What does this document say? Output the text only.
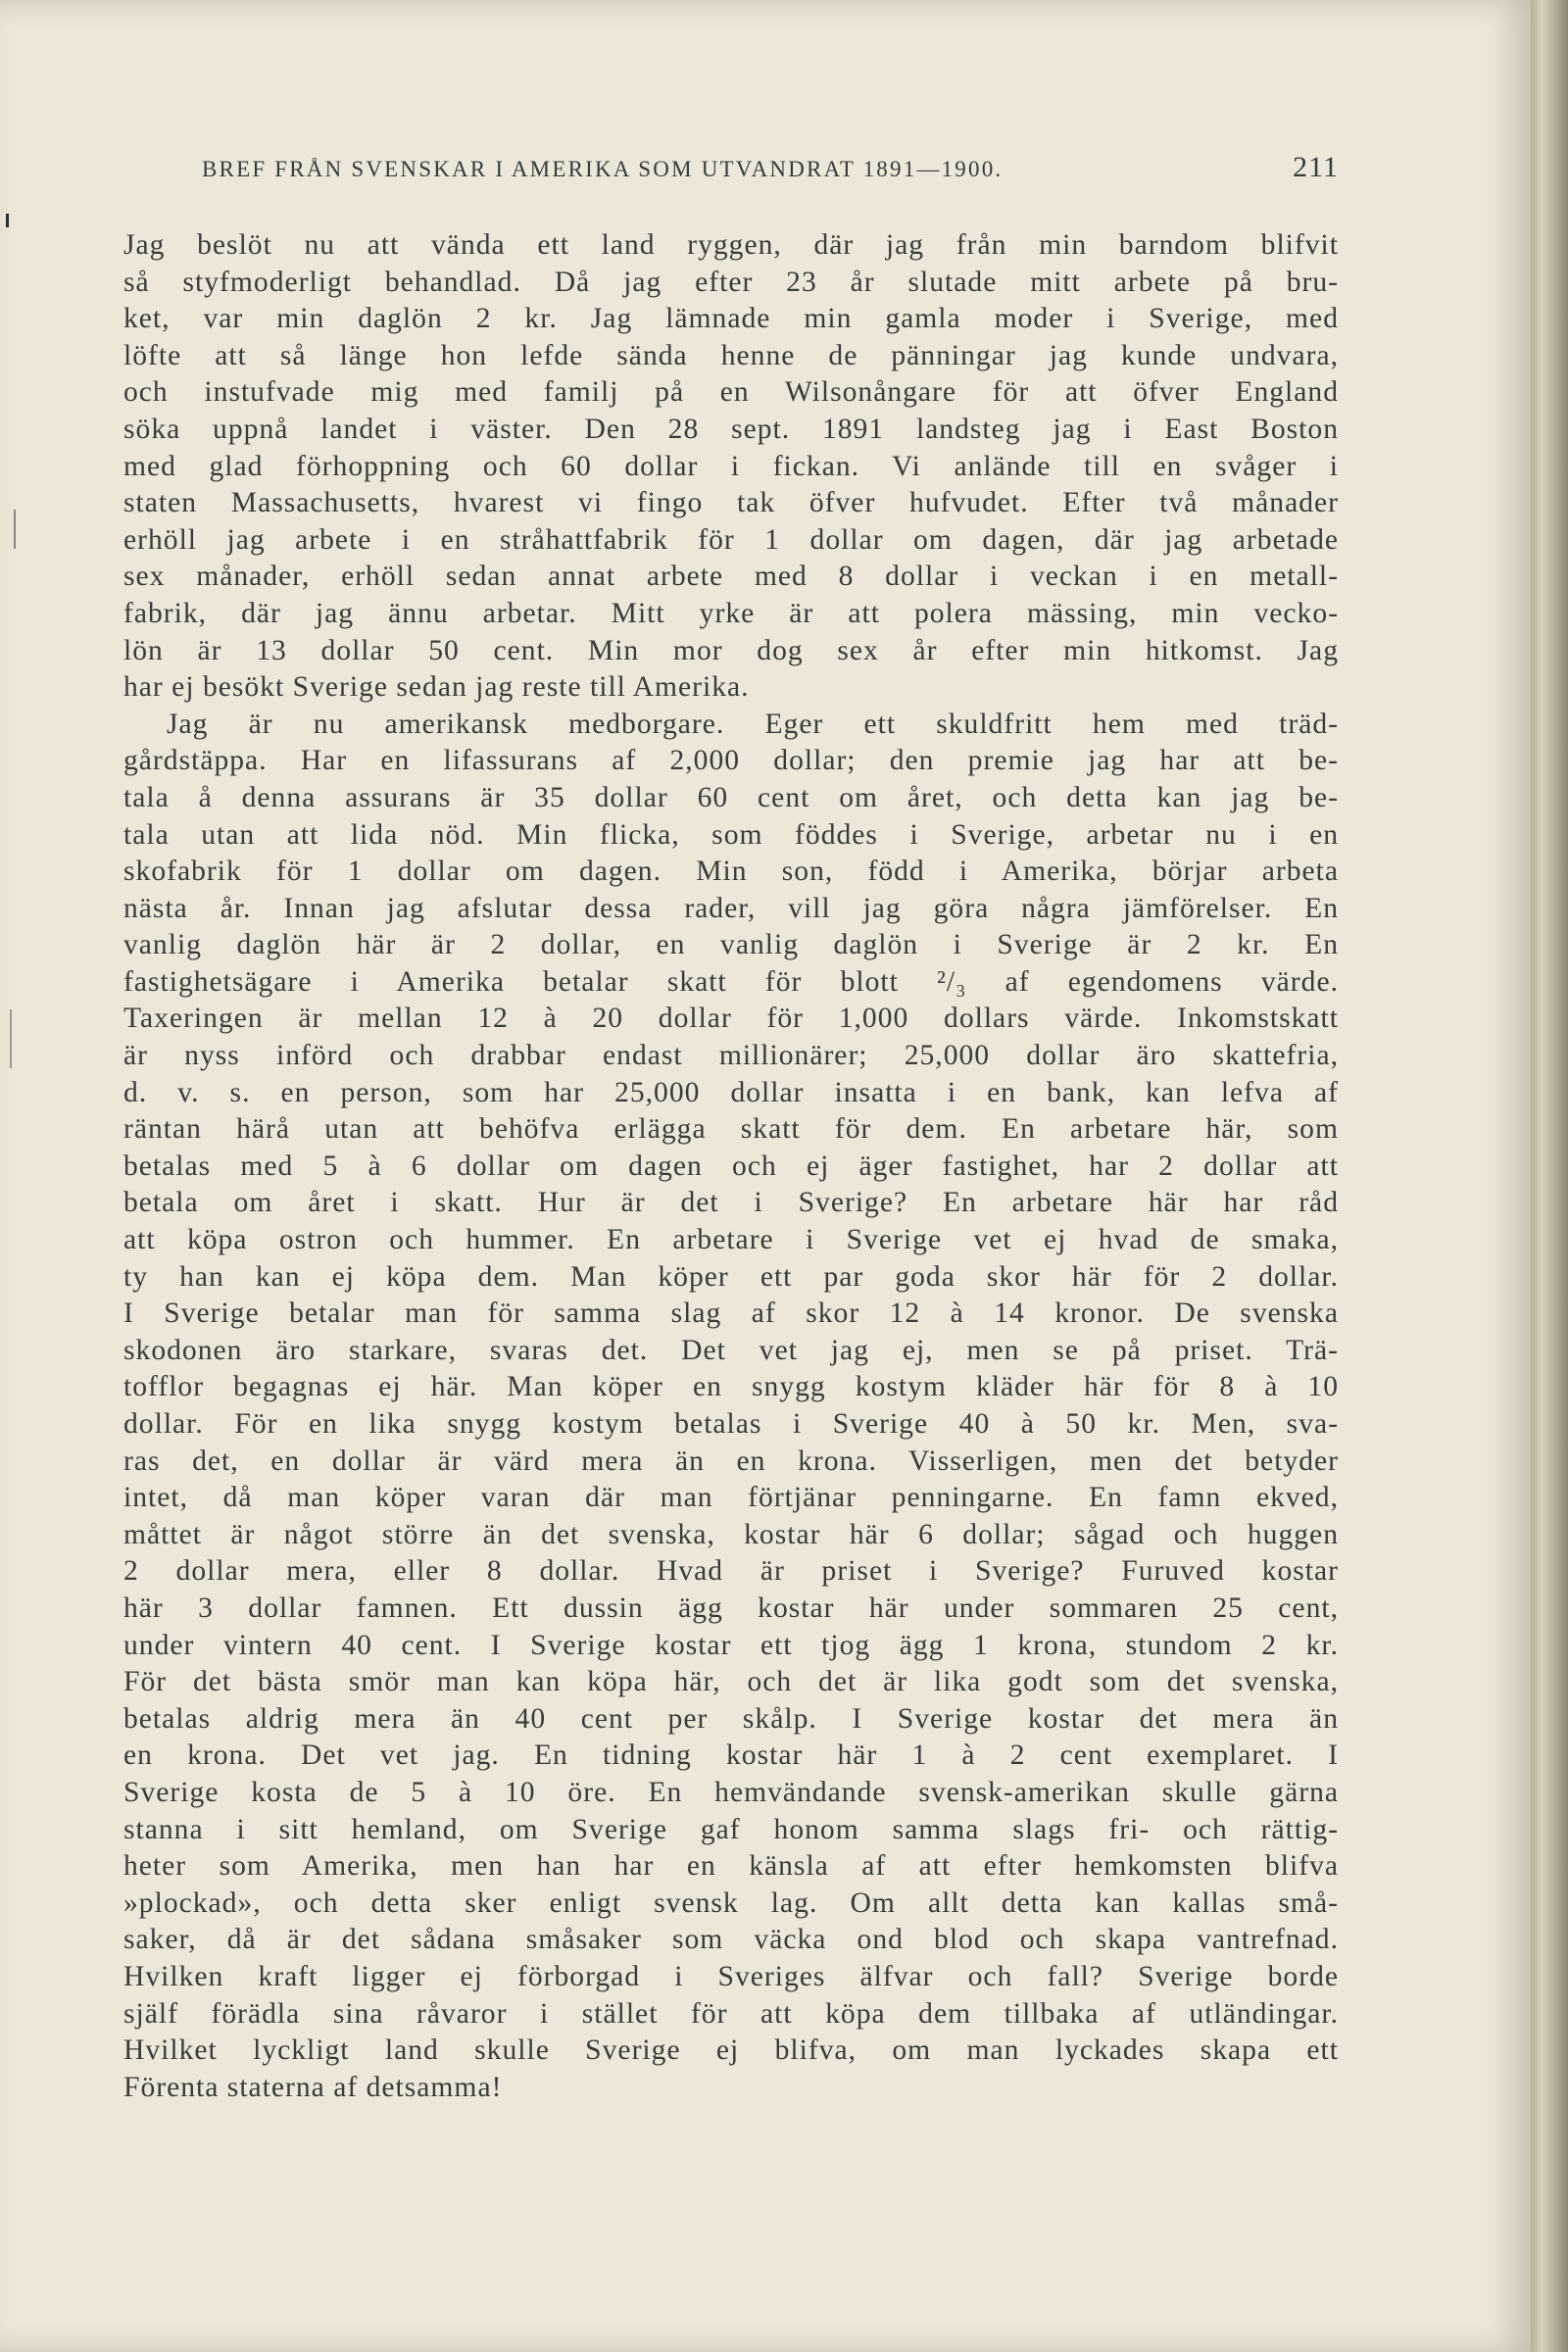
BREF FRÅN SVENSKAR I AMERIKA SOM UTVANDRAT 1891—1900.	211
Jag beslöt nu att vända ett land ryggen, där jag från min barndom blifvit
så styfmoderligt behandlad. Då jag efter 23 år slutade mitt arbete på bru-
ket, var min daglön 2 kr. Jag lämnade min gamla moder i Sverige, med
löfte att så länge hon lefde sända henne de pänningar jag kunde undvara,
och instufvade mig med familj på en Wilsonångare för att öfver England
söka uppnå landet i väster. Den 28 sept. 1891 landsteg jag i East Boston
med glad förhoppning och 60 dollar i fickan. Vi anlände till en svåger i
staten Massachusetts, hvarest vi fingo tak öfver hufvudet. Efter två månader
erhöll jag arbete i en stråhattfabrik för 1 dollar om dagen, där jag arbetade
sex månader, erhöll sedan annat arbete med 8 dollar i veckan i en metall-
fabrik, där jag ännu arbetar. Mitt yrke är att polera mässing, min vecko-
lön är 13 dollar 50 cent. Min mor dog sex år efter min hitkomst. Jag
har ej besökt Sverige sedan jag reste till Amerika.
Jag är nu amerikansk medborgare. Eger ett skuldfritt hem med träd-
gårdstäppa. Har en lifassurans af 2,000 dollar; den premie jag har att be-
tala å denna assurans är 35 dollar 60 cent om året, och detta kan jag be-
tala utan att lida nöd. Min flicka, som föddes i Sverige, arbetar nu i en
skofabrik för 1 dollar om dagen. Min son, född i Amerika, börjar arbeta
nästa år. Innan jag afslutar dessa rader, vill jag göra några jämförelser. En
vanlig daglön här är 2 dollar, en vanlig daglön i Sverige är 2 kr. En
fastighetsägare i Amerika betalar skatt för blott ²/₃ af egendomens värde.
Taxeringen är mellan 12 à 20 dollar för 1,000 dollars värde. Inkomstskatt
är nyss införd och drabbar endast millionärer; 25,000 dollar äro skattefria,
d. v. s. en person, som har 25,000 dollar insatta i en bank, kan lefva af
räntan härå utan att behöfva erlägga skatt för dem. En arbetare här, som
betalas med 5 à 6 dollar om dagen och ej äger fastighet, har 2 dollar att
betala om året i skatt. Hur är det i Sverige? En arbetare här har råd
att köpa ostron och hummer. En arbetare i Sverige vet ej hvad de smaka,
ty han kan ej köpa dem. Man köper ett par goda skor här för 2 dollar.
I Sverige betalar man för samma slag af skor 12 à 14 kronor. De svenska
skodonen äro starkare, svaras det. Det vet jag ej, men se på priset. Trä-
tofflor begagnas ej här. Man köper en snygg kostym kläder här för 8 à 10
dollar. För en lika snygg kostym betalas i Sverige 40 à 50 kr. Men, sva-
ras det, en dollar är värd mera än en krona. Visserligen, men det betyder
intet, då man köper varan där man förtjänar penningarne. En famn ekved,
måttet är något större än det svenska, kostar här 6 dollar; sågad och huggen
2 dollar mera, eller 8 dollar. Hvad är priset i Sverige? Furuved kostar
här 3 dollar famnen. Ett dussin ägg kostar här under sommaren 25 cent,
under vintern 40 cent. I Sverige kostar ett tjog ägg 1 krona, stundom 2 kr.
För det bästa smör man kan köpa här, och det är lika godt som det svenska,
betalas aldrig mera än 40 cent per skålp. I Sverige kostar det mera än
en krona. Det vet jag. En tidning kostar här 1 à 2 cent exemplaret. I
Sverige kosta de 5 à 10 öre. En hemvändande svensk-amerikan skulle gärna
stanna i sitt hemland, om Sverige gaf honom samma slags fri- och rättig-
heter som Amerika, men han har en känsla af att efter hemkomsten blifva
»plockad», och detta sker enligt svensk lag. Om allt detta kan kallas små-
saker, då är det sådana småsaker som väcka ond blod och skapa vantrefnad.
Hvilken kraft ligger ej förborgad i Sveriges älfvar och fall? Sverige borde
själf förädla sina råvaror i stället för att köpa dem tillbaka af utländingar.
Hvilket lyckligt land skulle Sverige ej blifva, om man lyckades skapa ett
Förenta staterna af detsamma!
